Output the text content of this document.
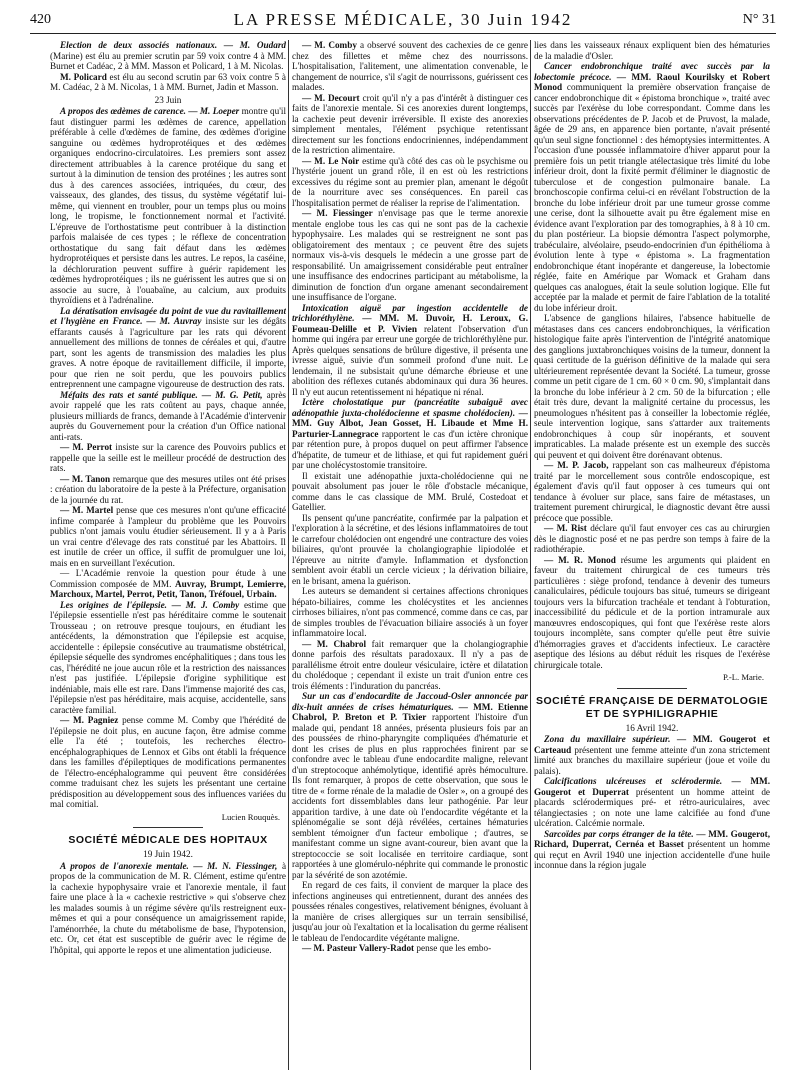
420	LA PRESSE MÉDICALE, 30 Juin 1942	N° 31

Election de deux associés nationaux. — M. Oudard (Marine) est élu au premier scrutin par 59 voix contre 4 à MM. Burnet et Cadéac, 2 à MM. Masson et Policard, 1 à M. Nicolas.

M. Policard est élu au second scrutin par 63 voix contre 5 à M. Cadéac, 2 à M. Nicolas, 1 à MM. Burnet, Jadin et Masson.

23 Juin

A propos des œdèmes de carence. — M. Loeper montre qu'il faut distinguer parmi les œdèmes de carence, appellation préférable à celle d'œdèmes de famine, des œdèmes d'origine sanguine ou œdèmes hydroprotéiques et des œdèmes organiques endocrino-circulatoires. Les premiers sont assez directement attribuables à la carence protéique du sang et surtout à la diminution de tension des protéines ; les autres sont dus à des carences associées, intriquées, du cœur, des vaisseaux, des glandes, des tissus, du système végétatif lui-même, qui viennent en troubler, pour un temps plus ou moins long, le tropisme, le fonctionnement normal et l'activité. L'épreuve de l'orthostatisme peut contribuer à la distinction parfois malaisée de ces types ; le réflexe de concentration orthostatique du sang fait défaut dans les œdèmes hydroprotéiques et persiste dans les autres. Le repos, la caséine, la déchloruration peuvent suffire à guérir rapidement les œdèmes hydroprotéiques ; ils ne guérissent les autres que si on associe au sucre, à l'ouabaïne, au calcium, aux produits thyroïdiens et à l'adrénaline.

La dératisation envisagée du point de vue du ravitaillement et l'hygiène en France. — M. Auvray insiste sur les dégâts effarants causés à l'agriculture par les rats qui dévorent annuellement des millions de tonnes de céréales et qui, d'autre part, sont les agents de transmission des maladies les plus graves. A notre époque de ravitaillement difficile, il importe, pour que rien ne soit perdu, que les pouvoirs publics entreprennent une campagne vigoureuse de destruction des rats.

Méfaits des rats et santé publique. — M. G. Petit, après avoir rappelé que les rats coûtent au pays, chaque année, plusieurs milliards de francs, demande à l'Académie d'intervenir auprès du Gouvernement pour la création d'un Office national anti-rats.

— M. Perrot insiste sur la carence des Pouvoirs publics et rappelle que la seille est le meilleur procédé de destruction des rats.

— M. Tanon remarque que des mesures utiles ont été prises : création du laboratoire de la peste à la Préfecture, organisation de la journée du rat.

— M. Martel pense que ces mesures n'ont qu'une efficacité infime comparée à l'ampleur du problème que les Pouvoirs publics n'ont jamais voulu étudier sérieusement. Il y a à Paris un vrai centre d'élevage des rats constitué par les Abattoirs. Il est inutile de créer un office, il suffit de promulguer une loi, mais en en surveillant l'exécution.

— L'Académie renvoie la question pour étude à une Commission composée de MM. Auvray, Brumpt, Lemierre, Marchoux, Martel, Perrot, Petit, Tanon, Tréfouel, Urbain.

Les origines de l'épilepsie. — M. J. Comby estime que l'épilepsie essentielle n'est pas héréditaire comme le soutenait Trousseau ; on retrouve presque toujours, en étudiant les antécédents, la démonstration que l'épilepsie est acquise, accidentelle : épilepsie consécutive au traumatisme obstétrical, épilepsie séquelle des syndromes encéphalitiques ; dans tous les cas, l'hérédité ne joue aucun rôle et la restriction des naissances n'est pas justifiée. L'épilepsie d'origine syphilitique est indéniable, mais elle est rare. Dans l'immense majorité des cas, l'épilepsie n'est pas héréditaire, mais acquise, accidentelle, sans caractère familial.

— M. Pagniez pense comme M. Comby que l'hérédité de l'épilepsie ne doit plus, en aucune façon, être admise comme elle l'a été ; toutefois, les recherches électro-encéphalographiques de Lennox et Gibs ont établi la fréquence dans les familles d'épileptiques de modifications permanentes de l'électro-encéphalogramme qui peuvent être considérées comme traduisant chez les sujets les présentant une certaine prédisposition au développement sous des influences variées du mal comitial.

Lucien Rouquès.

SOCIÉTÉ MÉDICALE DES HOPITAUX

19 Juin 1942.

A propos de l'anorexie mentale. — M. N. Fiessinger, à propos de la communication de M. R. Clément, estime qu'entre la cachexie hypophysaire vraie et l'anorexie mentale, il faut faire une place à la « cachexie restrictive » qui s'observe chez les malades soumis à un régime sévère qu'ils restreignent eux-mêmes et qui a pour conséquence un amaigrissement rapide, l'aménorrhée, la chute du métabolisme de base, l'hypotension, etc. Or, cet état est susceptible de guérir avec le régime de l'hôpital, qui apporte le repos et une alimentation judicieuse.

— M. Comby a observé souvent des cachexies de ce genre chez des fillettes et même chez des nourrissons. L'hospitalisation, l'alitement, une alimentation convenable, le changement de nourrice, s'il s'agit de nourrissons, guérissent ces malades.

— M. Decourt croit qu'il n'y a pas d'intérêt à distinguer ces faits de l'anorexie mentale. Si ces anorexies durent longtemps, la cachexie peut devenir irréversible. Il existe des anorexies simplement mentales, l'élément psychique retentissant directement sur les fonctions endocriniennes, indépendamment de la restriction alimentaire.

— M. Le Noir estime qu'à côté des cas où le psychisme ou l'hystérie jouent un grand rôle, il en est où les restrictions excessives du régime sont au premier plan, amenant le dégoût de la nourriture avec ses conséquences. En pareil cas l'hospitalisation permet de réaliser la reprise de l'alimentation.

— M. Fiessinger n'envisage pas que le terme anorexie mentale englobe tous les cas qui ne sont pas de la cachexie hypophysaire. Les malades qui se restreignent ne sont pas obligatoirement des mentaux ; ce peuvent être des sujets normaux vis-à-vis desquels le médecin a une grosse part de responsabilité. Un amaigrissement considérable peut entraîner une insuffisance des endocrines participant au métabolisme, la diminution de fonction d'un organe amenant secondairement une insuffisance de l'organe.

Intoxication aiguë par ingestion accidentelle de trichloréthylène. — MM. M. Duvoir, H. Leroux, G. Foumeau-Delille et P. Vivien relatent l'observation d'un homme qui ingéra par erreur une gorgée de trichloréthylène pur. Après quelques sensations de brûlure digestive, il présenta une ivresse aiguë, suivie d'un sommeil profond d'une nuit. Le lendemain, il ne subsistait qu'une démarche ébrieuse et une abolition des réflexes cutanés abdominaux qui dura 36 heures. Il n'y eut aucun retentissement ni hépatique ni rénal.

Ictère cholostatique pur (pancréatite subaiguë avec adénopathie juxta-cholédocienne et spasme cholédocien). — MM. Guy Albot, Jean Gosset, H. Libaude et Mme H. Parturier-Lannegrace rapportent le cas d'un ictère chronique par rétention pure, à propos duquel on peut affirmer l'absence d'hépatite, de tumeur et de lithiase, et qui fut rapidement guéri par une cholécystostomie transitoire.

Il existait une adénopathie juxta-cholédocienne qui ne pouvait absolument pas jouer le rôle d'obstacle mécanique, comme dans le cas classique de MM. Brulé, Costedoat et Gatellier.

Ils pensent qu'une pancréatite, confirmée par la palpation et l'exploration à la sécrétine, et des lésions inflammatoires de tout le carrefour cholédocien ont engendré une contracture des voies biliaires, qu'ont prouvée la cholangiographie lipiodolée et l'épreuve au nitrite d'amyle. Inflammation et dysfonction semblent avoir établi un cercle vicieux ; la dérivation biliaire, en le brisant, amena la guérison.

Les auteurs se demandent si certaines affections chroniques hépato-biliaires, comme les cholécystites et les anciennes cirrhoses biliaires, n'ont pas commencé, comme dans ce cas, par de simples troubles de l'évacuation biliaire associés à un foyer inflammatoire local.

— M. Chabrol fait remarquer que la cholangiographie donne parfois des résultats paradoxaux. Il n'y a pas de parallélisme étroit entre douleur vésiculaire, ictère et dilatation du cholédoque ; cependant il existe un trait d'union entre ces trois éléments : l'induration du pancréas.

Sur un cas d'endocardite de Jaccoud-Osler annoncée par dix-huit années de crises hématuriques. — MM. Etienne Chabrol, P. Breton et P. Tixier rapportent l'histoire d'un malade qui, pendant 18 années, présenta plusieurs fois par an des poussées de rhino-pharyngite compliquées d'hématurie et dont les crises de plus en plus rapprochées finirent par se confondre avec le tableau d'une endocardite maligne, relevant d'un streptocoque anhémolytique, identifié après hémoculture. Ils font remarquer, à propos de cette observation, que sous le titre de « forme rénale de la maladie de Osler », on a groupé des accidents fort dissemblables dans leur pathogénie. Par leur apparition tardive, à une date où l'endocardite végétante et la splénomégalie se sont déjà révélées, certaines hématuries semblent témoigner d'un facteur embolique ; d'autres, se manifestant comme un signe avant-coureur, bien avant que la streptococcie se soit localisée en territoire cardiaque, sont rapportées à une glomérulo-néphrite qui commande le pronostic par la sévérité de son azotémie.

En regard de ces faits, il convient de marquer la place des infections angineuses qui entretiennent, durant des années des poussées rénales congestives, relativement bénignes, évoluant à la manière de crises allergiques sur un terrain sensibilisé, jusqu'au jour où l'exaltation et la localisation du germe réalisent le tableau de l'endocardite végétante maligne.

— M. Pasteur Vallery-Radot pense que les embo-

lies dans les vaisseaux rénaux expliquent bien des hématuries de la maladie d'Osler.

Cancer endobronchique traité avec succès par la lobectomie précoce. — MM. Raoul Kourilsky et Robert Monod communiquent la première observation française de cancer endobronchique dit « épistoma bronchique », traité avec succès par l'exérèse du lobe correspondant. Comme dans les observations précédentes de P. Jacob et de Pruvost, la malade, âgée de 29 ans, en apparence bien portante, n'avait présenté qu'un seul signe fonctionnel : des hémoptysies intermittentes. A l'occasion d'une poussée inflammatoire d'hiver apparut pour la première fois un petit triangle atélectasique très limité du lobe inférieur droit, dont la fixité permit d'éliminer le diagnostic de tuberculose et de congestion pulmonaire banale. La bronchoscopie confirma celui-ci en révélant l'obstruction de la bronche du lobe inférieur droit par une tumeur grosse comme une cerise, dont la silhouette avait pu être également mise en évidence avant l'exploration par des tomographies, à 8 à 10 cm. du plan postérieur. La biopsie démontra l'aspect polymorphe, trabéculaire, alvéolaire, pseudo-endocrinien d'un épithélioma à évolution lente à type « épistoma ». La fragmentation endobronchique étant inopérante et dangereuse, la lobectomie réglée, faite en Amérique par Womack et Graham dans quelques cas analogues, était la seule solution logique. Elle fut acceptée par la malade et permit de faire l'ablation de la totalité du lobe inférieur droit.

L'absence de ganglions hilaires, l'absence habituelle de métastases dans ces cancers endobronchiques, la vérification histologique faite après l'intervention de l'intégrité anatomique des ganglions juxtabronchiques voisins de la tumeur, donnent la quasi certitude de la guérison définitive de la malade qui sera ultérieurement représentée devant la Société. La tumeur, grosse comme un petit cigare de 1 cm. 60 × 0 cm. 90, s'implantait dans la bronche du lobe inférieur à 2 cm. 50 de la bifurcation ; elle était très dure, devant la malignité certaine du processus, les pneumologues n'hésitent pas à conseiller la lobectomie réglée, seule intervention logique, sans s'attarder aux traitements endobronchiques à coup sûr inopérants, et souvent impraticables. La malade présente est un exemple des succès qui peuvent et qui doivent être dorénavant obtenus.

— M. P. Jacob, rappelant son cas malheureux d'épistoma traité par le morcellement sous contrôle endoscopique, est également d'avis qu'il faut opposer à ces tumeurs qui ont tendance à évoluer sur place, sans faire de métastases, un traitement purement chirurgical, le diagnostic devant être aussi précoce que possible.

— M. Rist déclare qu'il faut envoyer ces cas au chirurgien dès le diagnostic posé et ne pas perdre son temps à faire de la radiothérapie.

— M. R. Monod résume les arguments qui plaident en faveur du traitement chirurgical de ces tumeurs très particulières : siège profond, tendance à devenir des tumeurs canaliculaires, pédicule toujours bas situé, tumeurs se dirigeant toujours vers la bifurcation trachéale et tendant à l'obturation, inaccessibilité du pédicule et de la portion intramurale aux manœuvres endoscopiques, qui font que l'exérèse reste alors toujours incomplète, sans compter qu'elle peut être suivie d'hémorragies graves et d'accidents infectieux. Le caractère aseptique des lésions au début réduit les risques de l'exérèse chirurgicale totale.

P.-L. Marie.

SOCIÉTÉ FRANÇAISE DE DERMATOLOGIE ET DE SYPHILIGRAPHIE

16 Avril 1942.

Zona du maxillaire supérieur. — MM. Gougerot et Carteaud présentent une femme atteinte d'un zona strictement limité aux branches du maxillaire supérieur (joue et voile du palais).

Calcifications ulcéreuses et sclérodermie. — MM. Gougerot et Duperrat présentent un homme atteint de placards sclérodermiques pré- et rétro-auriculaires, avec télangiectasies ; on note une lame calcifiée au fond d'une ulcération. Calcémie normale.

Sarcoïdes par corps étranger de la tête. — MM. Gougerot, Richard, Duperrat, Cernéa et Basset présentent un homme qui reçut en Avril 1940 une injection accidentelle d'une huile inconnue dans la région jugale
